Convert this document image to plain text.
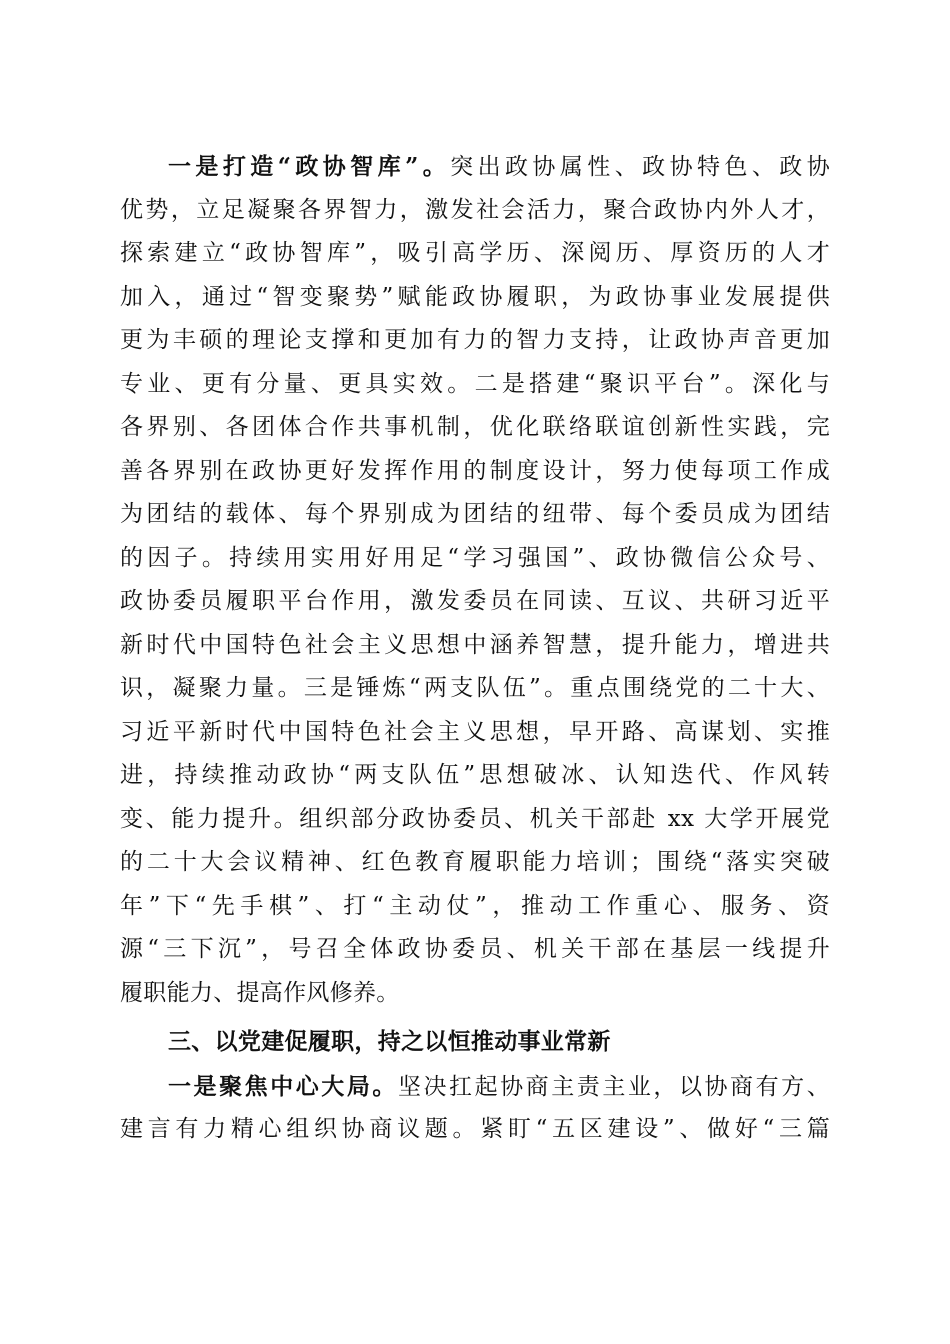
一是打造“政协智库”。突出政协属性、政协特色、政协
优势，立足凝聚各界智力，激发社会活力，聚合政协内外人才，
探索建立“政协智库”，吸引高学历、深阅历、厚资历的人才
加入，通过“智变聚势”赋能政协履职，为政协事业发展提供
更为丰硕的理论支撑和更加有力的智力支持，让政协声音更加
专业、更有分量、更具实效。二是搭建“聚识平台”。深化与
各界别、各团体合作共事机制，优化联络联谊创新性实践，完
善各界别在政协更好发挥作用的制度设计，努力使每项工作成
为团结的载体、每个界别成为团结的纽带、每个委员成为团结
的因子。持续用实用好用足“学习强国”、政协微信公众号、
政协委员履职平台作用，激发委员在同读、互议、共研习近平
新时代中国特色社会主义思想中涵养智慧，提升能力，增进共
识，凝聚力量。三是锤炼“两支队伍”。重点围绕党的二十大、
习近平新时代中国特色社会主义思想，早开路、高谋划、实推
进，持续推动政协“两支队伍”思想破冰、认知迭代、作风转
变、能力提升。组织部分政协委员、机关干部赴 xx 大学开展党
的二十大会议精神、红色教育履职能力培训；围绕“落实突破
年”下“先手棋”、打“主动仗”，推动工作重心、服务、资
源“三下沉”，号召全体政协委员、机关干部在基层一线提升
履职能力、提高作风修养。
三、以党建促履职，持之以恒推动事业常新
一是聚焦中心大局。坚决扛起协商主责主业，以协商有方、
建言有力精心组织协商议题。紧盯“五区建设”、做好“三篇
